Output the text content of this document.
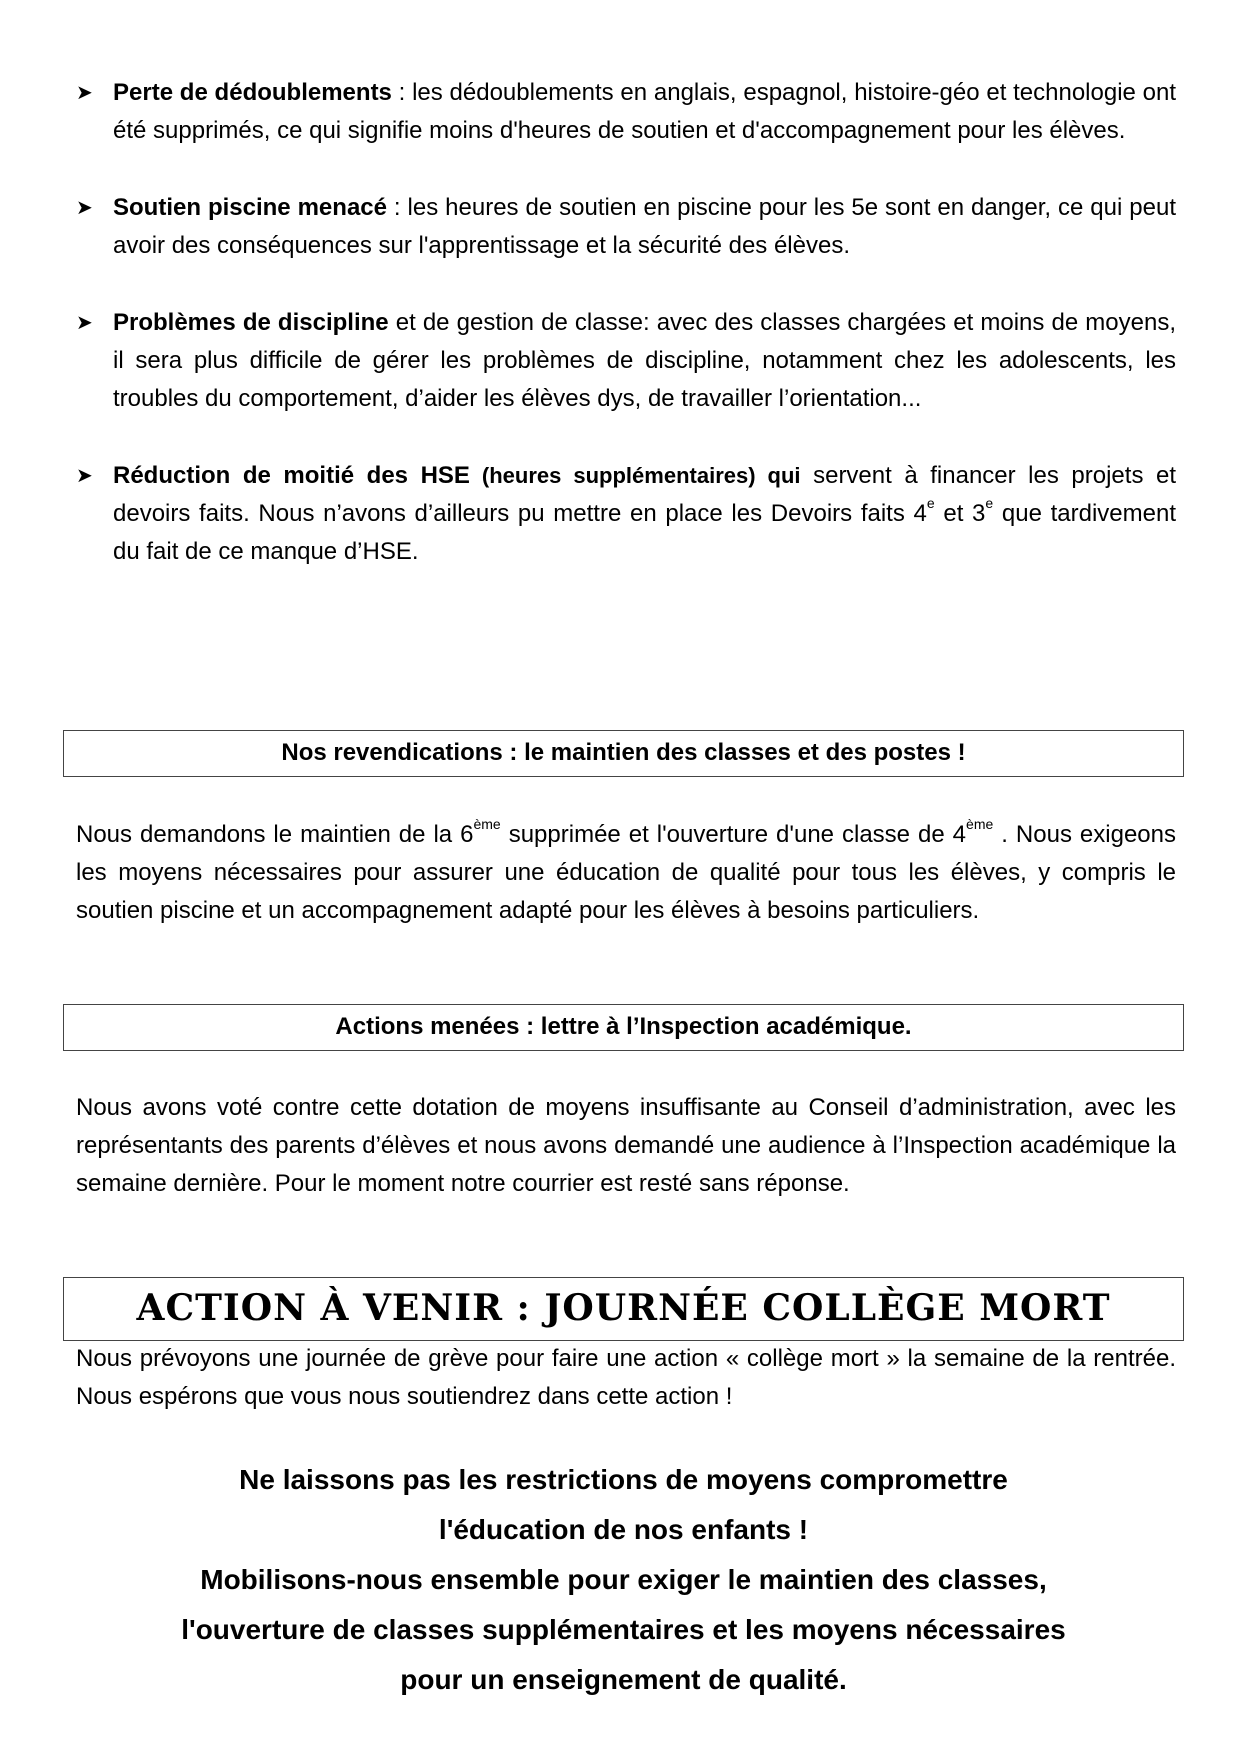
➤ Perte de dédoublements : les dédoublements en anglais, espagnol, histoire-géo et technologie ont été supprimés, ce qui signifie moins d'heures de soutien et d'accompagnement pour les élèves.
➤ Soutien piscine menacé : les heures de soutien en piscine pour les 5e sont en danger, ce qui peut avoir des conséquences sur l'apprentissage et la sécurité des élèves.
➤ Problèmes de discipline et de gestion de classe: avec des classes chargées et moins de moyens, il sera plus difficile de gérer les problèmes de discipline, notamment chez les adolescents, les troubles du comportement, d’aider les élèves dys, de travailler l’orientation...
➤ Réduction de moitié des HSE (heures supplémentaires) qui servent à financer les projets et devoirs faits. Nous n’avons d’ailleurs pu mettre en place les Devoirs faits 4e et 3e que tardivement du fait de ce manque d’HSE.
Nos revendications : le maintien des classes et des postes !
Nous demandons le maintien de la 6ème supprimée et l'ouverture d'une classe de 4ème . Nous exigeons les moyens nécessaires pour assurer une éducation de qualité pour tous les élèves, y compris le soutien piscine et un accompagnement adapté pour les élèves à besoins particuliers.
Actions menées : lettre à l’Inspection académique.
Nous avons voté contre cette dotation de moyens insuffisante au Conseil d’administration, avec les représentants des parents d’élèves et nous avons demandé une audience à l’Inspection académique la semaine dernière. Pour le moment notre courrier est resté sans réponse.
ACTION À VENIR : JOURNÉE COLLÈGE MORT
Nous prévoyons une journée de grève pour faire une action « collège mort » la semaine de la rentrée. Nous espérons que vous nous soutiendrez dans cette action !
Ne laissons pas les restrictions de moyens compromettre
l'éducation de nos enfants !
Mobilisons-nous ensemble pour exiger le maintien des classes,
l'ouverture de classes supplémentaires et les moyens nécessaires
pour un enseignement de qualité.
